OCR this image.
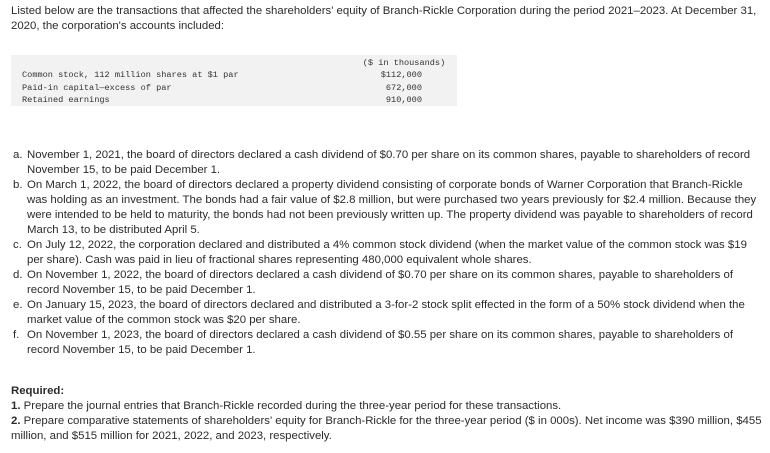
Listed below are the transactions that affected the shareholders' equity of Branch-Rickle Corporation during the period 2021–2023. At December 31, 2020, the corporation's accounts included:

($ in thousands)
Common stock, 112 million shares at $1 par	$112,000
Paid-in capital—excess of par	672,000
Retained earnings	910,000
a. November 1, 2021, the board of directors declared a cash dividend of $0.70 per share on its common shares, payable to shareholders of record November 15, to be paid December 1.
b. On March 1, 2022, the board of directors declared a property dividend consisting of corporate bonds of Warner Corporation that Branch-Rickle was holding as an investment. The bonds had a fair value of $2.8 million, but were purchased two years previously for $2.4 million. Because they were intended to be held to maturity, the bonds had not been previously written up. The property dividend was payable to shareholders of record March 13, to be distributed April 5.
c. On July 12, 2022, the corporation declared and distributed a 4% common stock dividend (when the market value of the common stock was $19 per share). Cash was paid in lieu of fractional shares representing 480,000 equivalent whole shares.
d. On November 1, 2022, the board of directors declared a cash dividend of $0.70 per share on its common shares, payable to shareholders of record November 15, to be paid December 1.
e. On January 15, 2023, the board of directors declared and distributed a 3-for-2 stock split effected in the form of a 50% stock dividend when the market value of the common stock was $20 per share.
f. On November 1, 2023, the board of directors declared a cash dividend of $0.55 per share on its common shares, payable to shareholders of record November 15, to be paid December 1.
Required:
1. Prepare the journal entries that Branch-Rickle recorded during the three-year period for these transactions.
2. Prepare comparative statements of shareholders' equity for Branch-Rickle for the three-year period ($ in 000s). Net income was $390 million, $455 million, and $515 million for 2021, 2022, and 2023, respectively.
